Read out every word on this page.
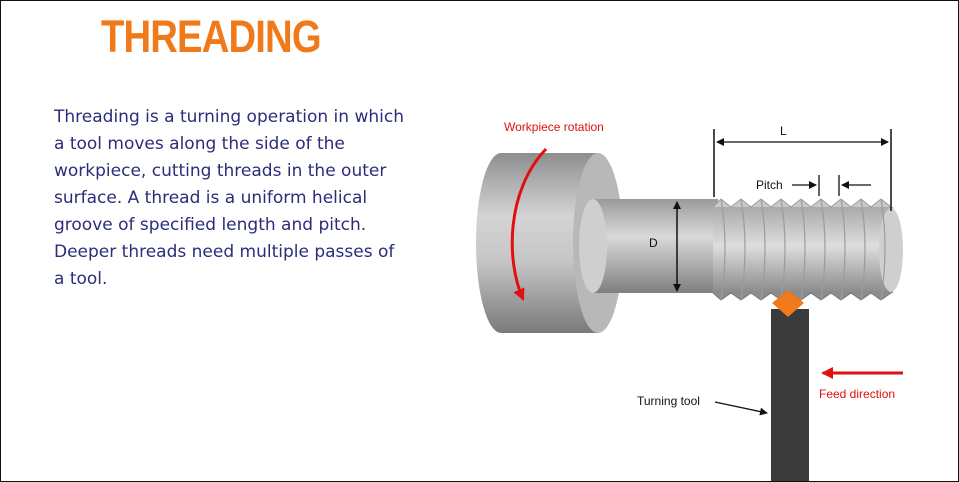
THREADING

Threading is a turning operation in which a tool moves along the side of the workpiece, cutting threads in the outer surface. A thread is a uniform helical groove of specified length and pitch. Deeper threads need multiple passes of a tool.

Workpiece rotation	L
Pitch
D
Turning tool	Feed direction
